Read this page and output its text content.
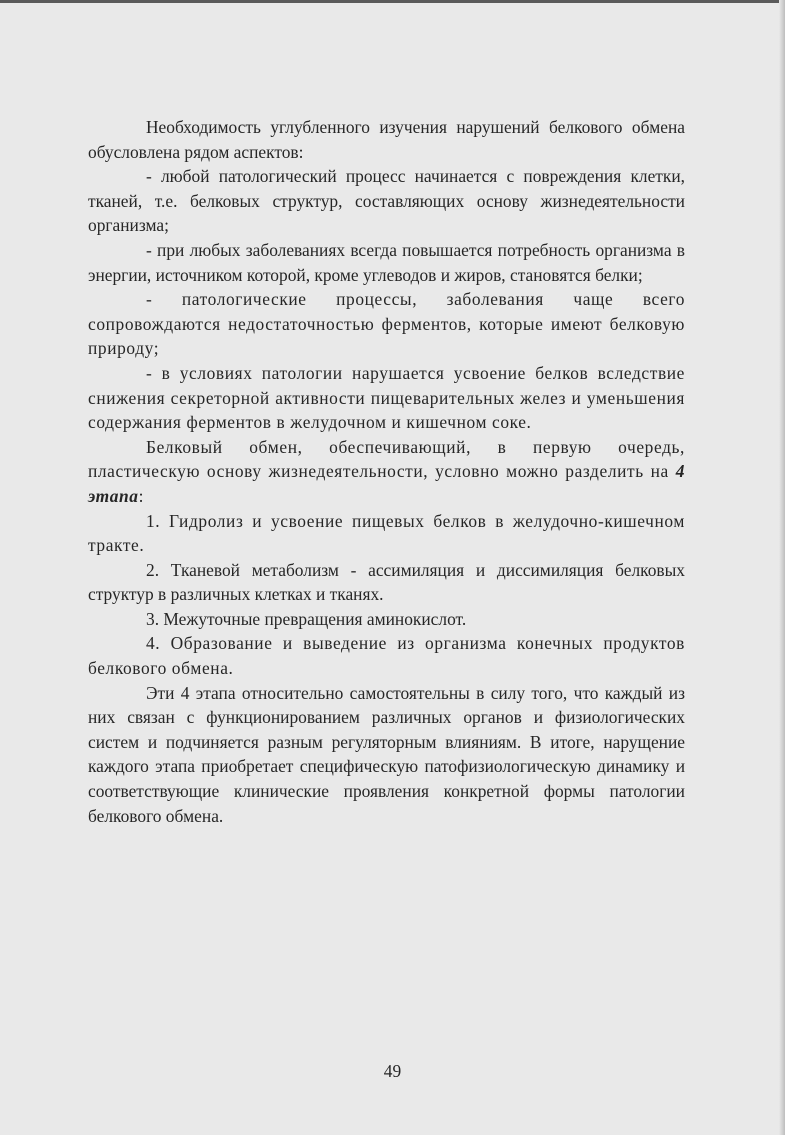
Необходимость углубленного изучения нарушений белкового обмена обусловлена рядом аспектов:

- любой патологический процесс начинается с повреждения клетки, тканей, т.е. белковых структур, составляющих основу жизнедеятельности организма;

- при любых заболеваниях всегда повышается потребность организма в энергии, источником которой, кроме углеводов и жиров, становятся белки;

- патологические процессы, заболевания чаще всего сопровождаются недостаточностью ферментов, которые имеют белковую природу;

- в условиях патологии нарушается усвоение белков вследствие снижения секреторной активности пищеварительных желез и уменьшения содержания ферментов в желудочном и кишечном соке.

Белковый обмен, обеспечивающий, в первую очередь, пластическую основу жизнедеятельности, условно можно разделить на 4 этапа:

1. Гидролиз и усвоение пищевых белков в желудочно-кишечном тракте.

2. Тканевой метаболизм - ассимиляция и диссимиляция белковых структур в различных клетках и тканях.

3. Межуточные превращения аминокислот.

4. Образование и выведение из организма конечных продуктов белкового обмена.

Эти 4 этапа относительно самостоятельны в силу того, что каждый из них связан с функционированием различных органов и физиологических систем и подчиняется разным регуляторным влияниям. В итоге, нарущение каждого этапа приобретает специфическую патофизиологическую динамику и соответствующие клинические проявления конкретной формы патологии белкового обмена.

49
